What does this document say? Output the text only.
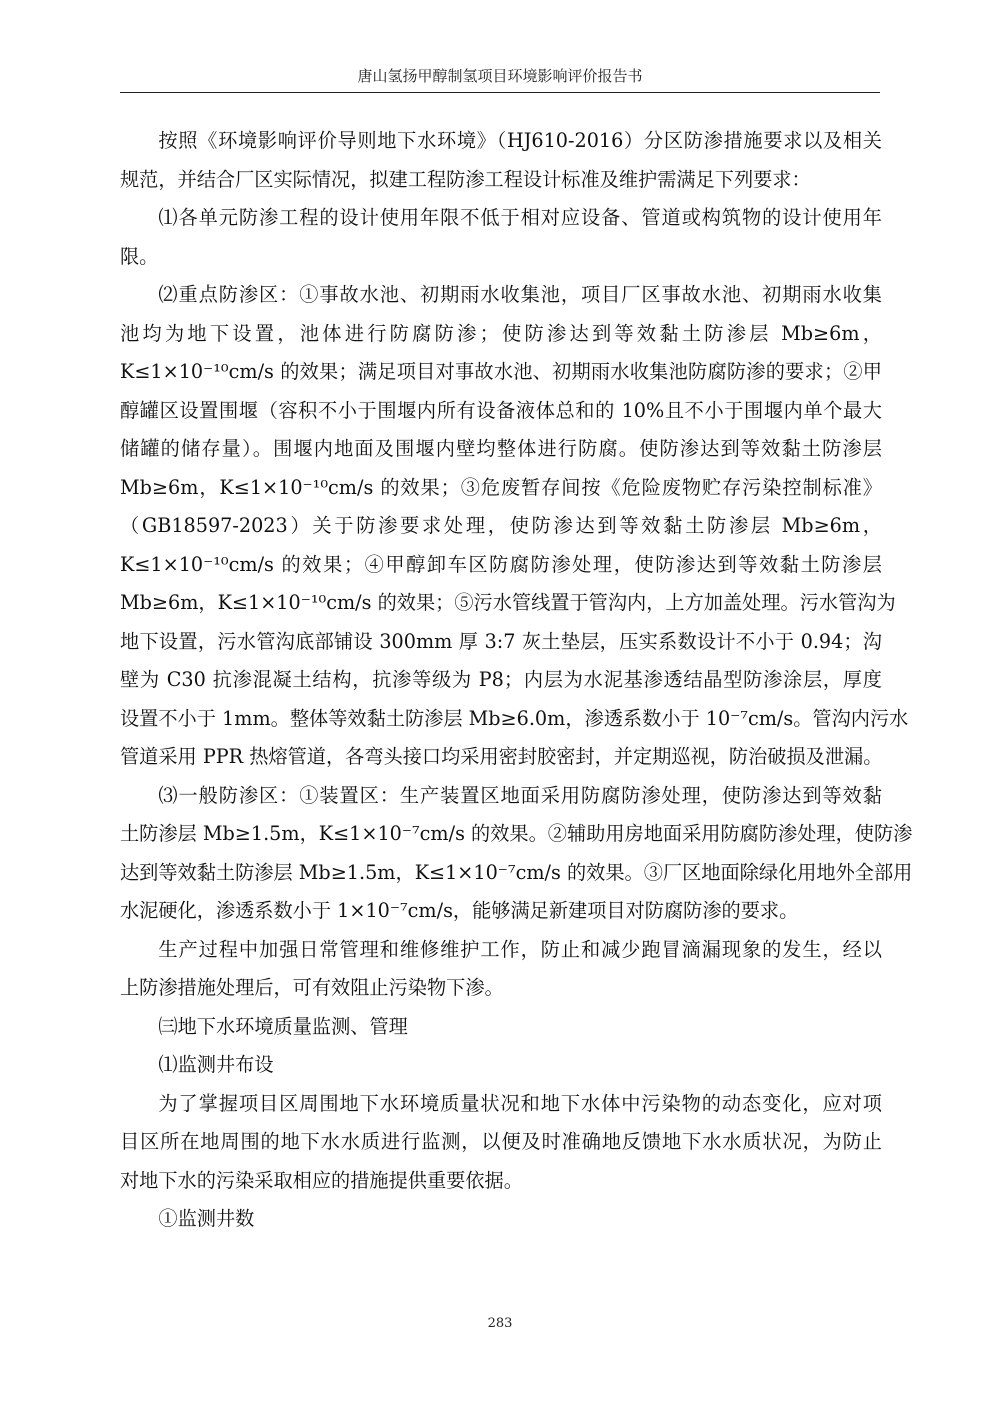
唐山氢扬甲醇制氢项目环境影响评价报告书

按照《环境影响评价导则地下水环境》（HJ610-2016）分区防渗措施要求以及相关
规范，并结合厂区实际情况，拟建工程防渗工程设计标准及维护需满足下列要求：

⑴各单元防渗工程的设计使用年限不低于相对应设备、管道或构筑物的设计使用年
限。

⑵重点防渗区：①事故水池、初期雨水收集池，项目厂区事故水池、初期雨水收集
池均为地下设置，池体进行防腐防渗；使防渗达到等效黏土防渗层 Mb≥6m，
K≤1×10⁻¹⁰cm/s 的效果；满足项目对事故水池、初期雨水收集池防腐防渗的要求；②甲
醇罐区设置围堰（容积不小于围堰内所有设备液体总和的 10%且不小于围堰内单个最大
储罐的储存量）。围堰内地面及围堰内壁均整体进行防腐。使防渗达到等效黏土防渗层
Mb≥6m，K≤1×10⁻¹⁰cm/s 的效果；③危废暂存间按《危险废物贮存污染控制标准》
（GB18597-2023）关于防渗要求处理，使防渗达到等效黏土防渗层 Mb≥6m，
K≤1×10⁻¹⁰cm/s 的效果；④甲醇卸车区防腐防渗处理，使防渗达到等效黏土防渗层
Mb≥6m，K≤1×10⁻¹⁰cm/s 的效果；⑤污水管线置于管沟内，上方加盖处理。污水管沟为
地下设置，污水管沟底部铺设 300mm 厚 3:7 灰土垫层，压实系数设计不小于 0.94；沟
壁为 C30 抗渗混凝土结构，抗渗等级为 P8；内层为水泥基渗透结晶型防渗涂层，厚度
设置不小于 1mm。整体等效黏土防渗层 Mb≥6.0m，渗透系数小于 10⁻⁷cm/s。管沟内污水
管道采用 PPR 热熔管道，各弯头接口均采用密封胶密封，并定期巡视，防治破损及泄漏。

⑶一般防渗区：①装置区：生产装置区地面采用防腐防渗处理，使防渗达到等效黏
土防渗层 Mb≥1.5m，K≤1×10⁻⁷cm/s 的效果。②辅助用房地面采用防腐防渗处理，使防渗
达到等效黏土防渗层 Mb≥1.5m，K≤1×10⁻⁷cm/s 的效果。③厂区地面除绿化用地外全部用
水泥硬化，渗透系数小于 1×10⁻⁷cm/s，能够满足新建项目对防腐防渗的要求。

生产过程中加强日常管理和维修维护工作，防止和减少跑冒滴漏现象的发生，经以
上防渗措施处理后，可有效阻止污染物下渗。

㈢地下水环境质量监测、管理

⑴监测井布设

为了掌握项目区周围地下水环境质量状况和地下水体中污染物的动态变化，应对项
目区所在地周围的地下水水质进行监测，以便及时准确地反馈地下水水质状况，为防止
对地下水的污染采取相应的措施提供重要依据。

①监测井数

283
